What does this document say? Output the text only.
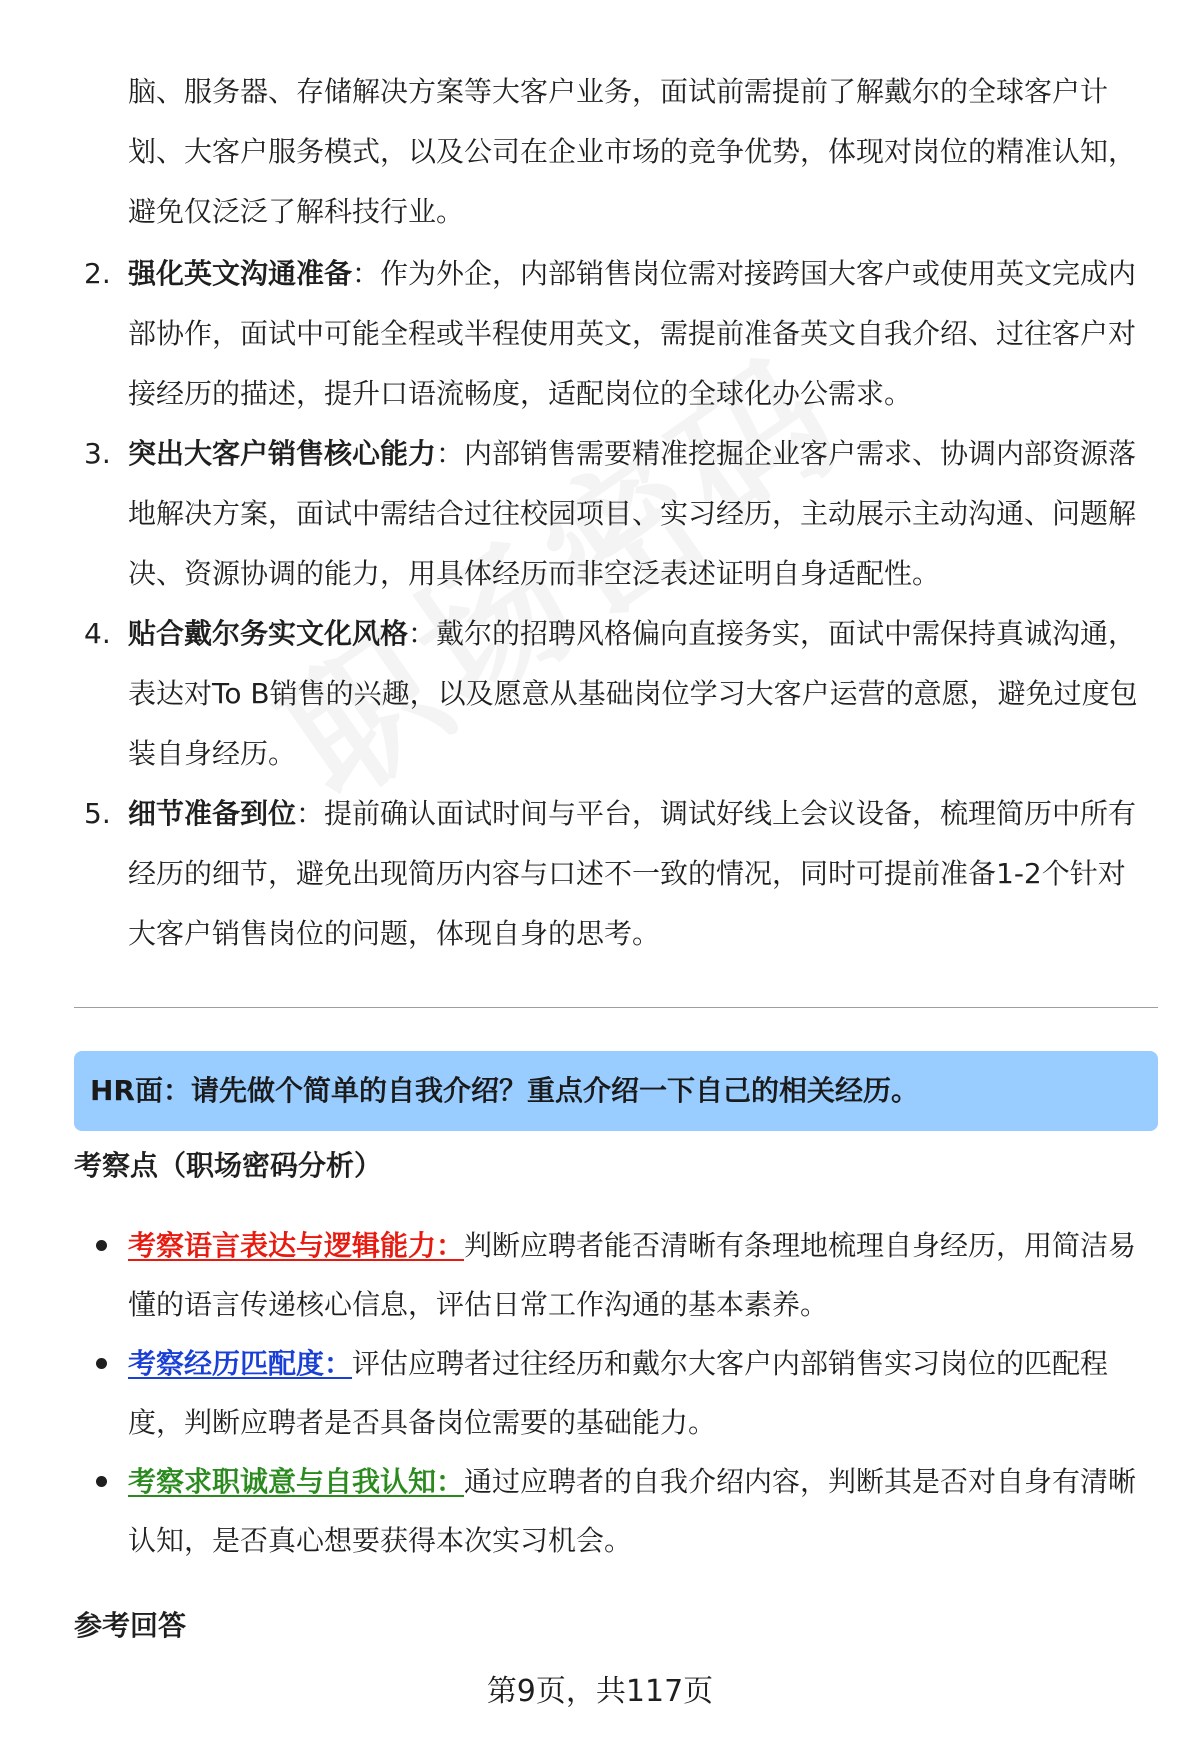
脑、服务器、存储解决方案等大客户业务，面试前需提前了解戴尔的全球客户计划、大客户服务模式，以及公司在企业市场的竞争优势，体现对岗位的精准认知，避免仅泛泛了解科技行业。

2. 强化英文沟通准备：作为外企，内部销售岗位需对接跨国大客户或使用英文完成内部协作，面试中可能全程或半程使用英文，需提前准备英文自我介绍、过往客户对接经历的描述，提升口语流畅度，适配岗位的全球化办公需求。
3. 突出大客户销售核心能力：内部销售需要精准挖掘企业客户需求、协调内部资源落地解决方案，面试中需结合过往校园项目、实习经历，主动展示主动沟通、问题解决、资源协调的能力，用具体经历而非空泛表述证明自身适配性。
4. 贴合戴尔务实文化风格：戴尔的招聘风格偏向直接务实，面试中需保持真诚沟通，表达对To B销售的兴趣，以及愿意从基础岗位学习大客户运营的意愿，避免过度包装自身经历。
5. 细节准备到位：提前确认面试时间与平台，调试好线上会议设备，梳理简历中所有经历的细节，避免出现简历内容与口述不一致的情况，同时可提前准备1-2个针对大客户销售岗位的问题，体现自身的思考。
HR面：请先做个简单的自我介绍？重点介绍一下自己的相关经历。
考察点（职场密码分析）
考察语言表达与逻辑能力：判断应聘者能否清晰有条理地梳理自身经历，用简洁易懂的语言传递核心信息，评估日常工作沟通的基本素养。
考察经历匹配度：评估应聘者过往经历和戴尔大客户内部销售实习岗位的匹配程度，判断应聘者是否具备岗位需要的基础能力。
考察求职诚意与自我认知：通过应聘者的自我介绍内容，判断其是否对自身有清晰认知，是否真心想要获得本次实习机会。
参考回答
第9页，共117页
